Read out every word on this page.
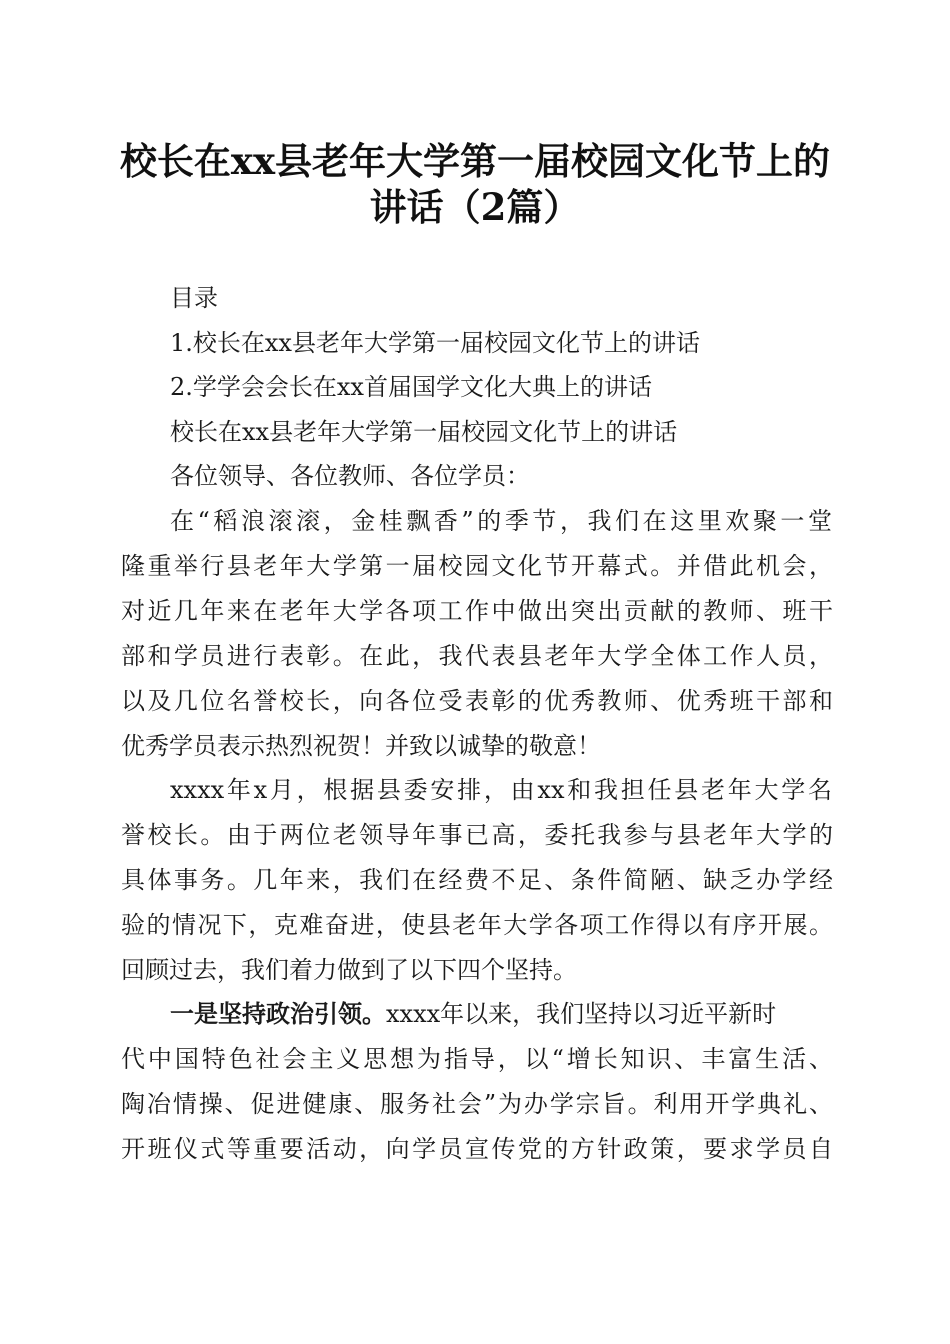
校长在xx县老年大学第一届校园文化节上的
讲话（2篇）
目录
1.校长在xx县老年大学第一届校园文化节上的讲话
2.学学会会长在xx首届国学文化大典上的讲话
校长在xx县老年大学第一届校园文化节上的讲话
各位领导、各位教师、各位学员：
在“稻浪滚滚，金桂飘香”的季节，我们在这里欢聚一堂
隆重举行县老年大学第一届校园文化节开幕式。并借此机会，
对近几年来在老年大学各项工作中做出突出贡献的教师、班干
部和学员进行表彰。在此，我代表县老年大学全体工作人员，
以及几位名誉校长，向各位受表彰的优秀教师、优秀班干部和
优秀学员表示热烈祝贺！并致以诚挚的敬意！
xxxx年x月，根据县委安排，由xx和我担任县老年大学名
誉校长。由于两位老领导年事已高，委托我参与县老年大学的
具体事务。几年来，我们在经费不足、条件简陋、缺乏办学经
验的情况下，克难奋进，使县老年大学各项工作得以有序开展。
回顾过去，我们着力做到了以下四个坚持。
一是坚持政治引领。xxxx年以来，我们坚持以习近平新时
代中国特色社会主义思想为指导，以“增长知识、丰富生活、
陶冶情操、促进健康、服务社会”为办学宗旨。利用开学典礼、
开班仪式等重要活动，向学员宣传党的方针政策，要求学员自
